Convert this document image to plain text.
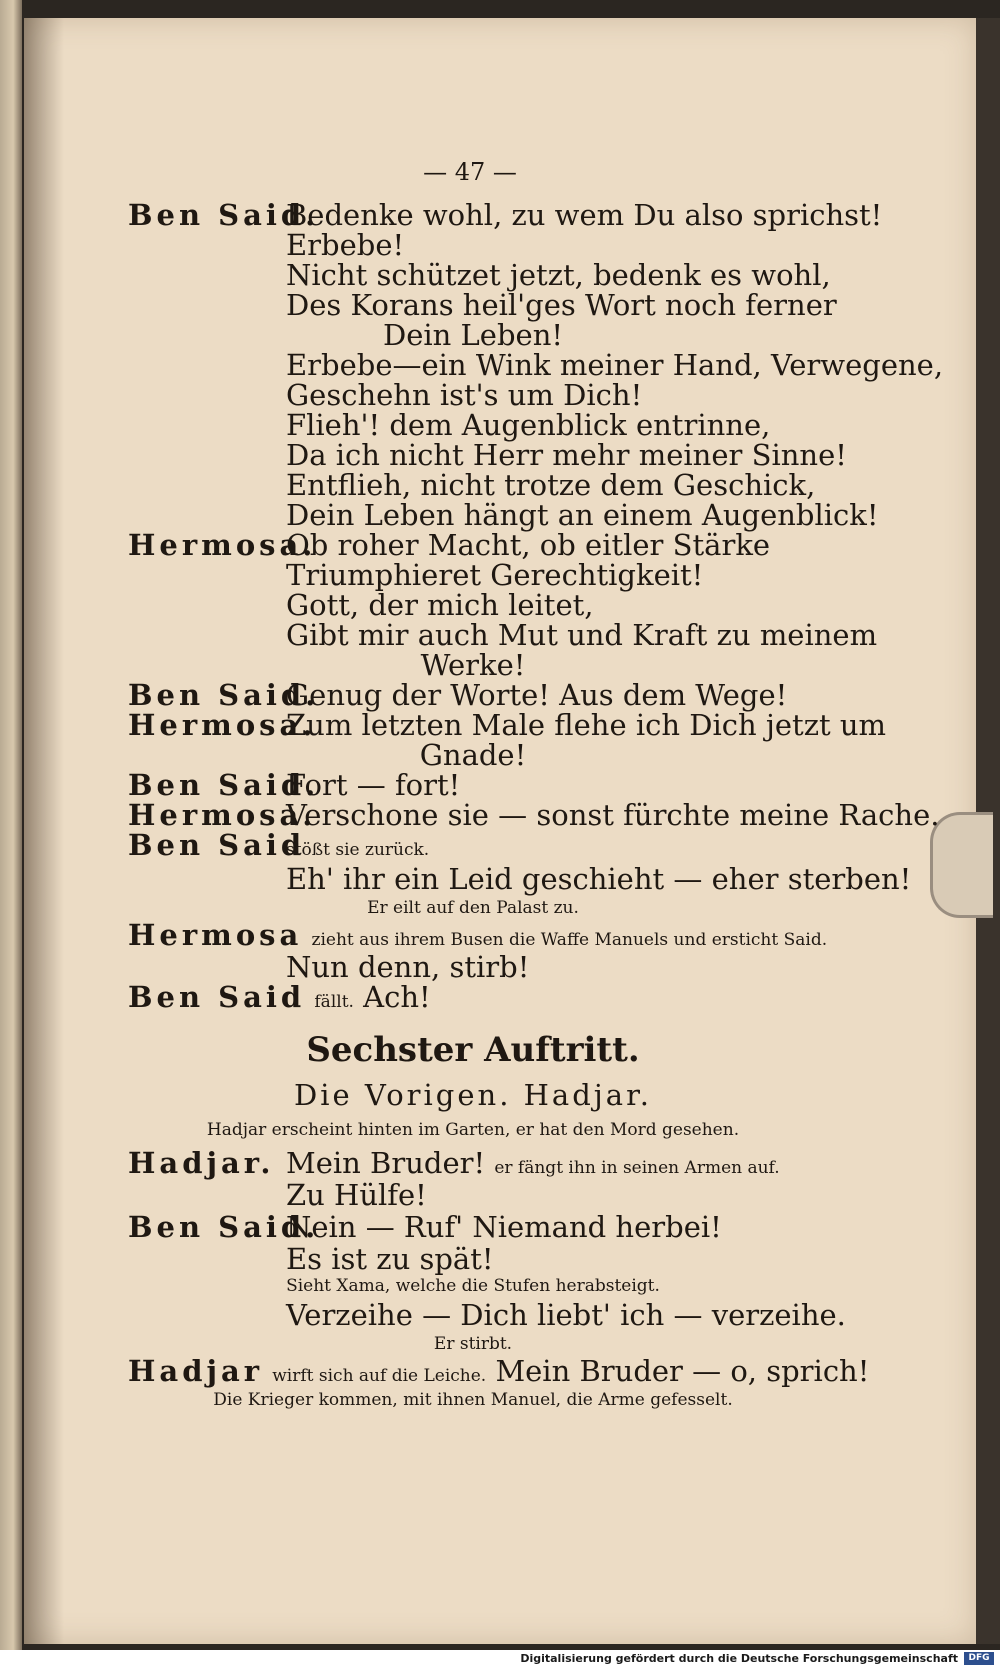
— 47 —
Ben Said.Bedenke wohl, zu wem Du also sprichst!
Erbebe!
Nicht schützet jetzt, bedenk es wohl,
Des Korans heil'ges Wort noch ferner
Dein Leben!
Erbebe—ein Wink meiner Hand, Verwegene,
Geschehn ist's um Dich!
Flieh'! dem Augenblick entrinne,
Da ich nicht Herr mehr meiner Sinne!
Entflieh, nicht trotze dem Geschick,
Dein Leben hängt an einem Augenblick!
Hermosa.Ob roher Macht, ob eitler Stärke
Triumphieret Gerechtigkeit!
Gott, der mich leitet,
Gibt mir auch Mut und Kraft zu meinem
Werke!
Ben Said.Genug der Worte! Aus dem Wege!
Hermosa.Zum letzten Male flehe ich Dich jetzt um
Gnade!
Ben Said.Fort — fort!
Hermosa.Verschone sie — sonst fürchte meine Rache.
Ben Saidstößt sie zurück.
Eh' ihr ein Leid geschieht — eher sterben!
Er eilt auf den Palast zu.
Hermosa zieht aus ihrem Busen die Waffe Manuels und ersticht Said.
Nun denn, stirb!
Ben Said fällt. Ach!
Sechster Auftritt.
Die Vorigen. Hadjar.
Hadjar erscheint hinten im Garten, er hat den Mord gesehen.
Hadjar. Mein Bruder! er fängt ihn in seinen Armen auf.
Zu Hülfe!
Ben Said.Nein — Ruf' Niemand herbei!
Es ist zu spät!
Sieht Xama, welche die Stufen herabsteigt.
Verzeihe — Dich liebt' ich — verzeihe.
Er stirbt.
Hadjar wirft sich auf die Leiche. Mein Bruder — o, sprich!
Die Krieger kommen, mit ihnen Manuel, die Arme gefesselt.
Digitalisierung gefördert durch die Deutsche Forschungsgemeinschaft	DFG
